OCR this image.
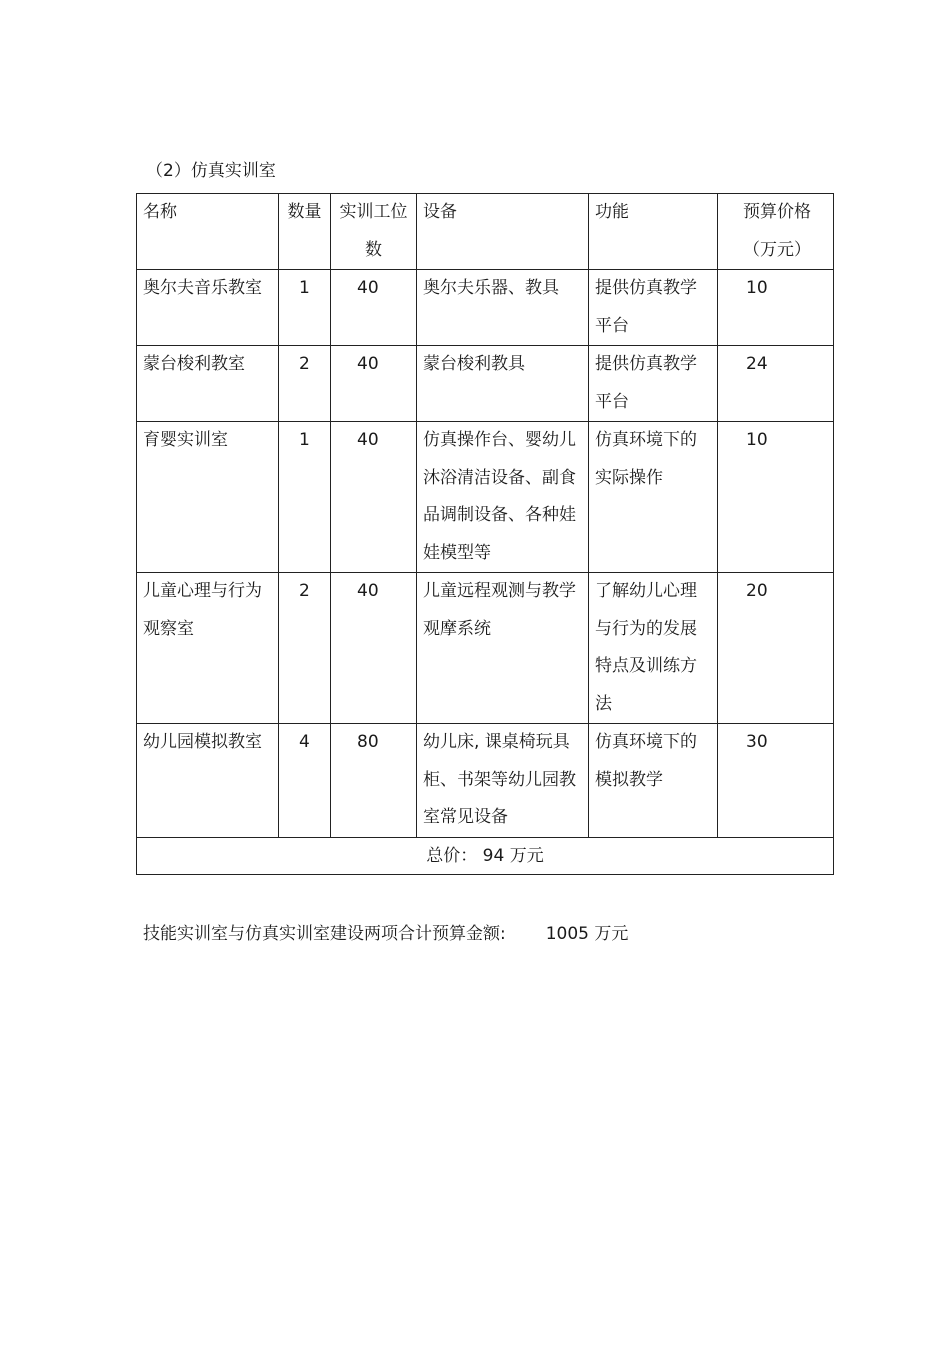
（2）仿真实训室
名称	数量	实训工位数	设备	功能	预算价格（万元）
奥尔夫音乐教室	1	40	奥尔夫乐器、教具	提供仿真教学平台	10
蒙台梭利教室	2	40	蒙台梭利教具	提供仿真教学平台	24
育婴实训室	1	40	仿真操作台、婴幼儿沐浴清洁设备、副食品调制设备、各种娃娃模型等	仿真环境下的实际操作	10
儿童心理与行为观察室	2	40	儿童远程观测与教学观摩系统	了解幼儿心理与行为的发展特点及训练方法	20
幼儿园模拟教室	4	80	幼儿床, 课桌椅玩具柜、书架等幼儿园教室常见设备	仿真环境下的模拟教学	30
总价： 94 万元					
技能实训室与仿真实训室建设两项合计预算金额: 1005 万元
